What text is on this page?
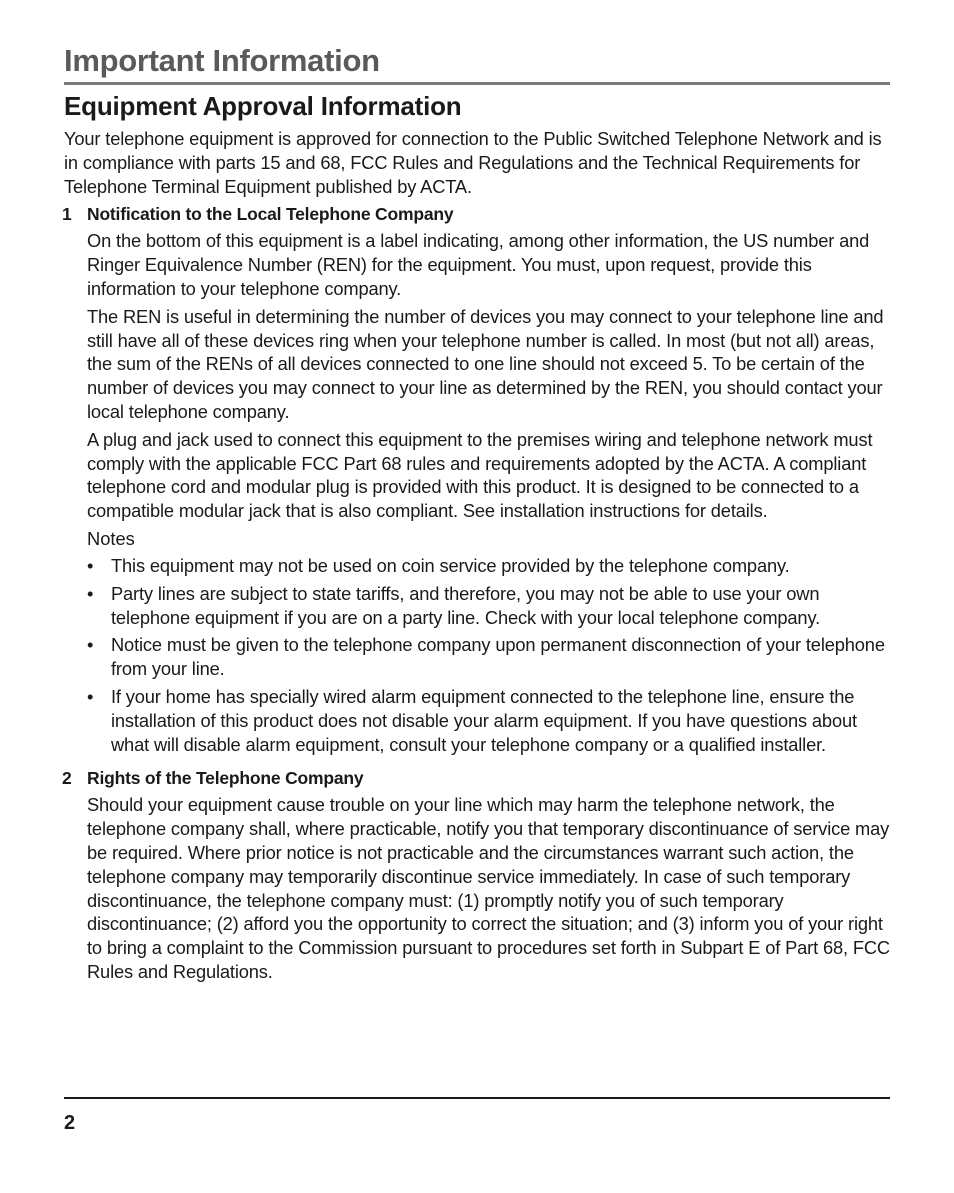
Important Information
Equipment Approval Information

Your telephone equipment is approved for connection to the Public Switched Telephone Network and is in compliance with parts 15 and 68, FCC Rules and Regulations and the Technical Requirements for Telephone Terminal Equipment published by ACTA.

1 Notification to the Local Telephone Company

On the bottom of this equipment is a label indicating, among other information, the US number and Ringer Equivalence Number (REN) for the equipment. You must, upon request, provide this information to your telephone company.

The REN is useful in determining the number of devices you may connect to your telephone line and still have all of these devices ring when your telephone number is called. In most (but not all) areas, the sum of the RENs of all devices connected to one line should not exceed 5. To be certain of the number of devices you may connect to your line as determined by the REN, you should contact your local telephone company.

A plug and jack used to connect this equipment to the premises wiring and telephone network must comply with the applicable FCC Part 68 rules and requirements adopted by the ACTA. A compliant telephone cord and modular plug is provided with this product. It is designed to be connected to a compatible modular jack that is also compliant. See installation instructions for details.

Notes

• This equipment may not be used on coin service provided by the telephone company.
• Party lines are subject to state tariffs, and therefore, you may not be able to use your own telephone equipment if you are on a party line. Check with your local telephone company.
• Notice must be given to the telephone company upon permanent disconnection of your telephone from your line.
• If your home has specially wired alarm equipment connected to the telephone line, ensure the installation of this product does not disable your alarm equipment. If you have questions about what will disable alarm equipment, consult your telephone company or a qualified installer.
2 Rights of the Telephone Company

Should your equipment cause trouble on your line which may harm the telephone network, the telephone company shall, where practicable, notify you that temporary discontinuance of service may be required. Where prior notice is not practicable and the circumstances warrant such action, the telephone company may temporarily discontinue service immediately. In case of such temporary discontinuance, the telephone company must: (1) promptly notify you of such temporary discontinuance; (2) afford you the opportunity to correct the situation; and (3) inform you of your right to bring a complaint to the Commission pursuant to procedures set forth in Subpart E of Part 68, FCC Rules and Regulations.

2
